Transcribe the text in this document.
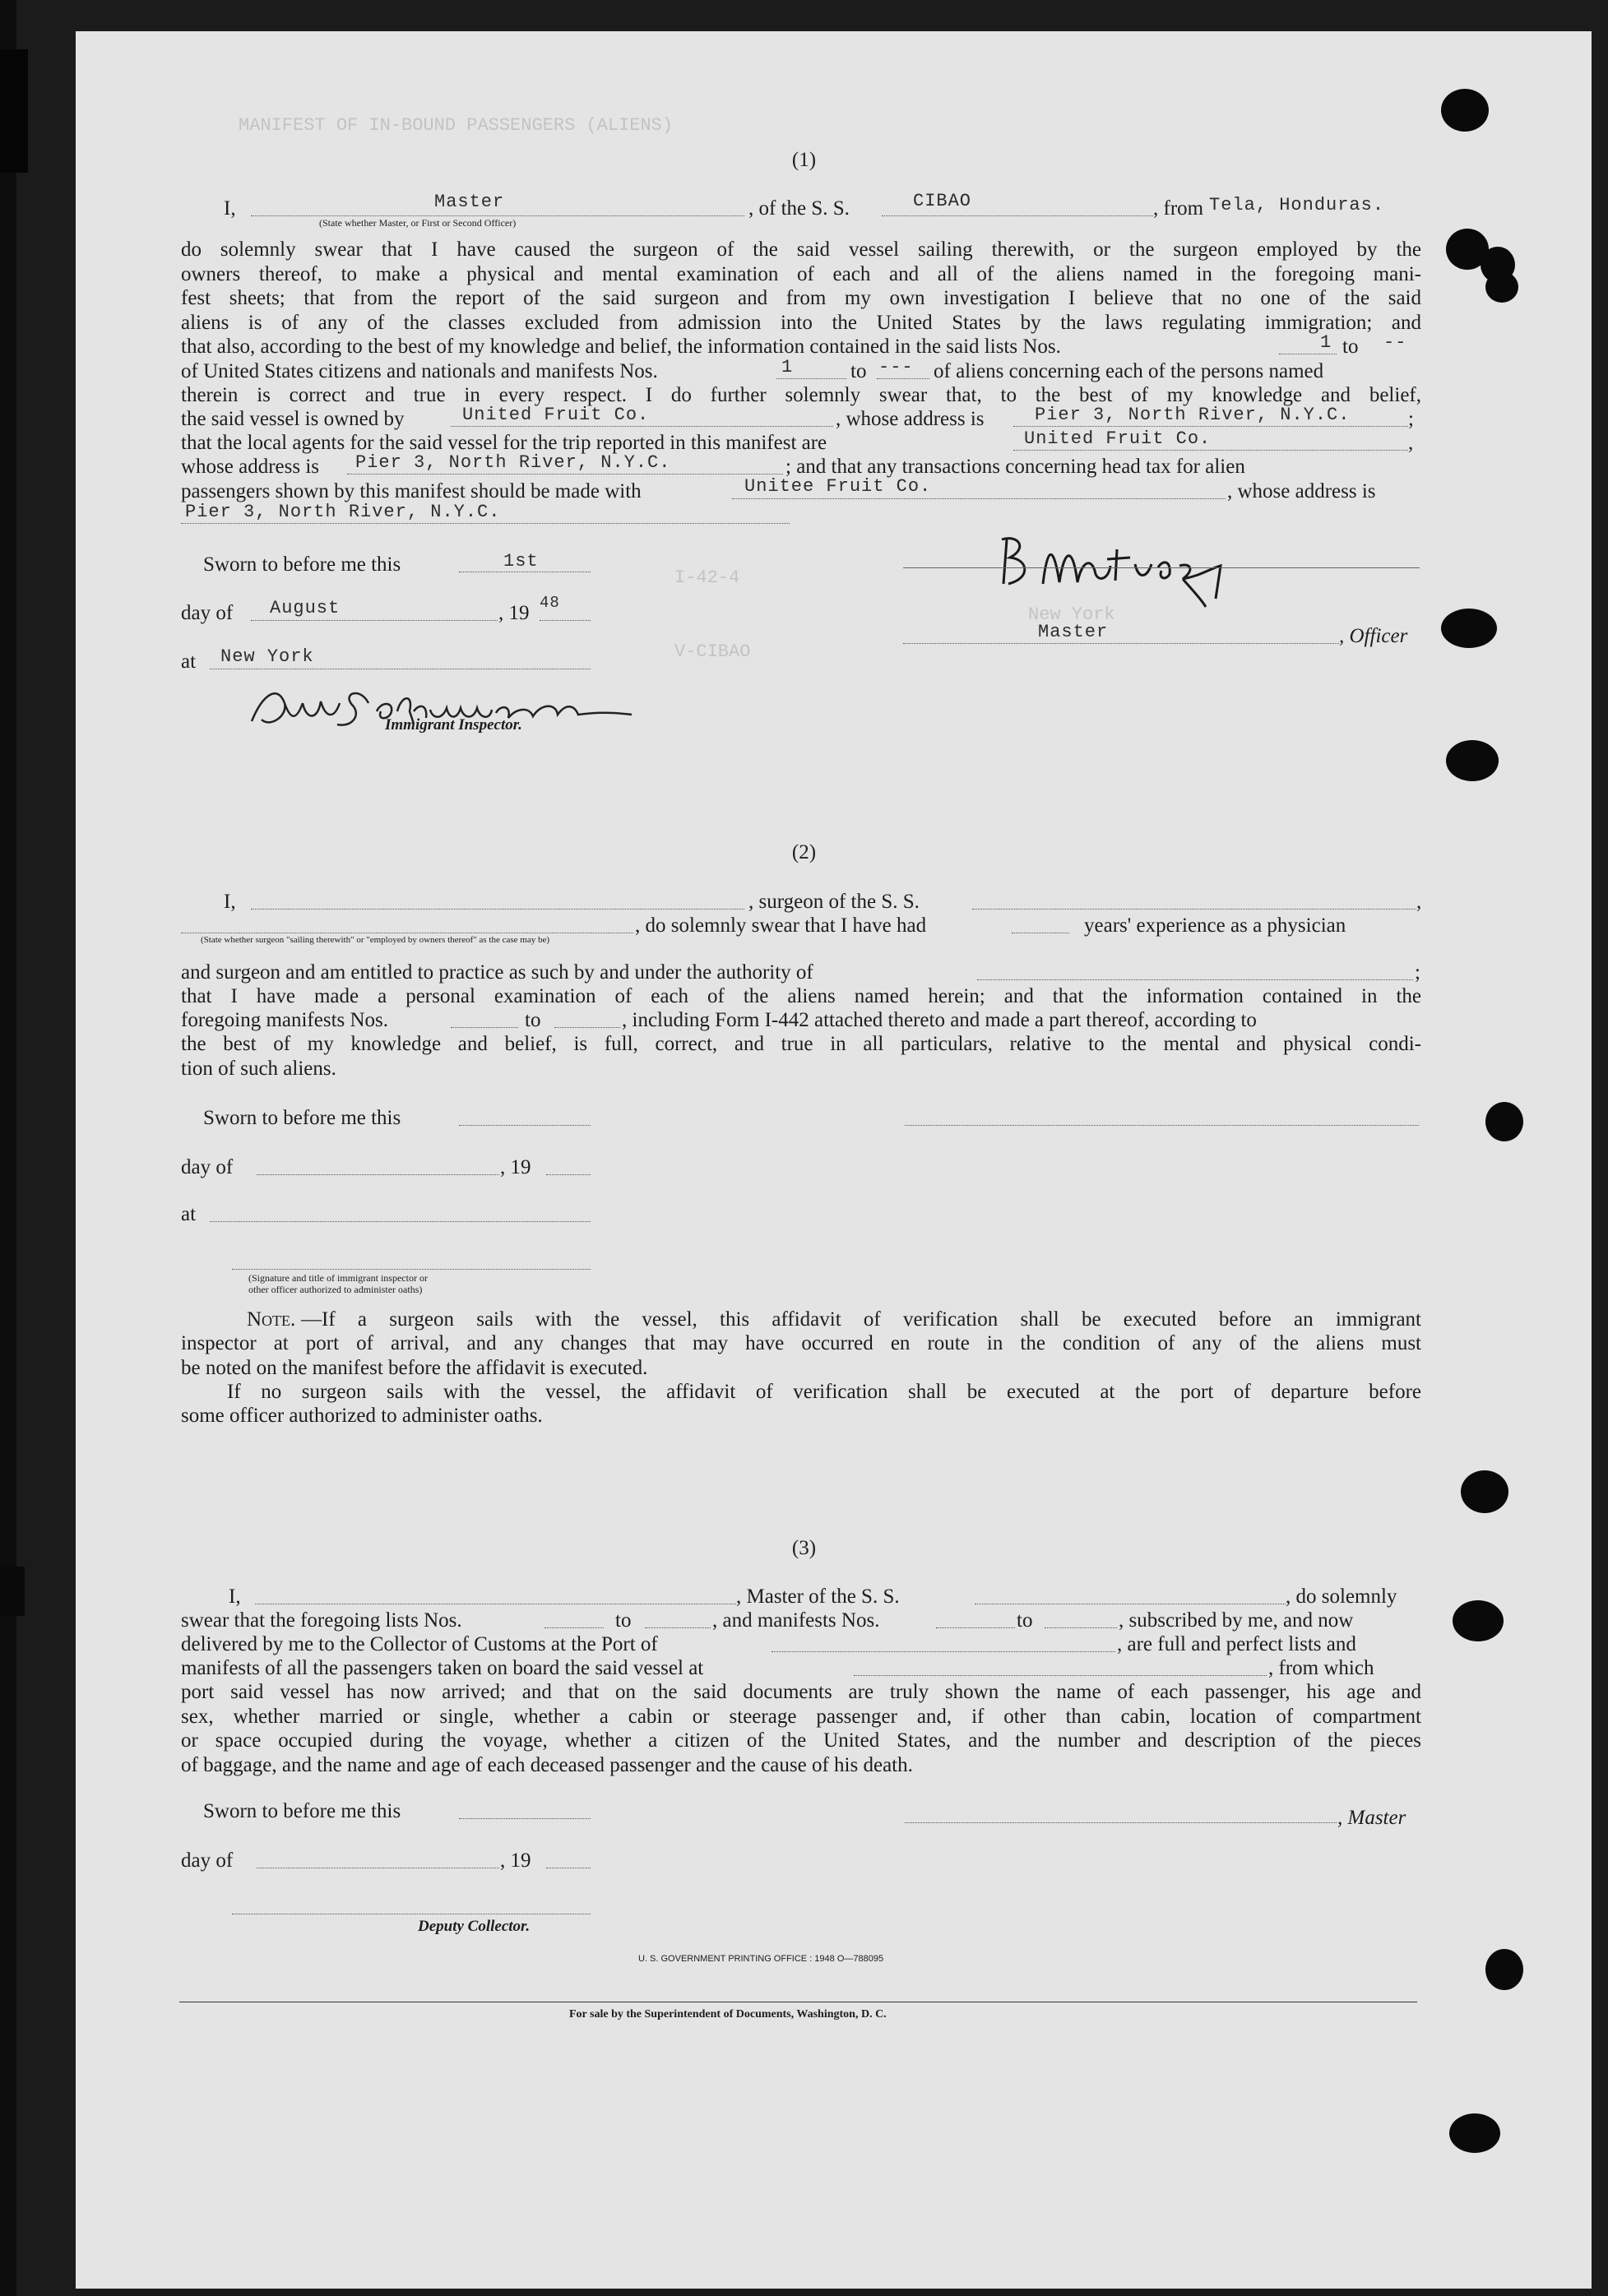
MANIFEST OF IN-BOUND PASSENGERS (ALIENS)
I-42-4
New York
V-CIBAO
(1)
I,	Master
(State whether Master, or First or Second Officer)
, of the S. S.	CIBAO	, from Tela, Honduras.
do solemnly swear that I have caused the surgeon of the said vessel sailing therewith, or the surgeon employed by the
owners thereof, to make a physical and mental examination of each and all of the aliens named in the foregoing mani-
fest sheets; that from the report of the said surgeon and from my own investigation I believe that no one of the said
aliens is of any of the classes excluded from admission into the United States by the laws regulating immigration; and
that also, according to the best of my knowledge and belief, the information contained in the said lists Nos.	1 to --
of United States citizens and nationals and manifests Nos.	1	to --- of aliens concerning each of the persons named
therein is correct and true in every respect. I do further solemnly swear that, to the best of my knowledge and belief,
the said vessel is owned by	United Fruit Co.	, whose address is	Pier 3, North River, N.Y.C.	;
that the local agents for the said vessel for the trip reported in this manifest are	United Fruit Co.	,
whose address is Pier 3, North River, N.Y.C.	; and that any transactions concerning head tax for alien
passengers shown by this manifest should be made with	Unitee Fruit Co.	, whose address is
Pier 3, North River, N.Y.C.
Sworn to before me this	1st
day of August	, 19 48
at New York
Immigrant Inspector.
Master	, Officer
(2)
I,	, surgeon of the S. S.	,
, do solemnly swear that I have had	years' experience as a physician
(State whether surgeon "sailing therewith" or "employed by owners thereof" as the case may be)
and surgeon and am entitled to practice as such by and under the authority of	;
that I have made a personal examination of each of the aliens named herein; and that the information contained in the
foregoing manifests Nos.	to	, including Form I-442 attached thereto and made a part thereof, according to
the best of my knowledge and belief, is full, correct, and true in all particulars, relative to the mental and physical condi-
tion of such aliens.
Sworn to before me this
day of	, 19
at
(Signature and title of immigrant inspector or
other officer authorized to administer oaths)
Note. —If a surgeon sails with the vessel, this affidavit of verification shall be executed before an immigrant
inspector at port of arrival, and any changes that may have occurred en route in the condition of any of the aliens must
be noted on the manifest before the affidavit is executed.
If no surgeon sails with the vessel, the affidavit of verification shall be executed at the port of departure before
some officer authorized to administer oaths.
(3)
I,	, Master of the S. S.	, do solemnly
swear that the foregoing lists Nos.	to	, and manifests Nos.	to	, subscribed by me, and now
delivered by me to the Collector of Customs at the Port of	, are full and perfect lists and
manifests of all the passengers taken on board the said vessel at	, from which
port said vessel has now arrived; and that on the said documents are truly shown the name of each passenger, his age and
sex, whether married or single, whether a cabin or steerage passenger and, if other than cabin, location of compartment
or space occupied during the voyage, whether a citizen of the United States, and the number and description of the pieces
of baggage, and the name and age of each deceased passenger and the cause of his death.
Sworn to before me this	, Master
day of	, 19
Deputy Collector.
U. S. GOVERNMENT PRINTING OFFICE : 1948 O—788095
For sale by the Superintendent of Documents, Washington, D. C.
